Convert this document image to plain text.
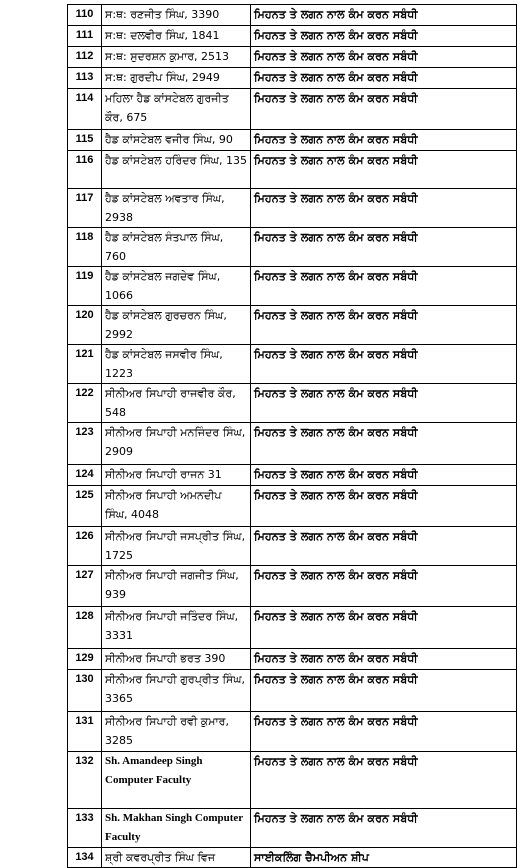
110	ਸ:ਥ: ਰਣਜੀਤ ਸਿੰਘ, 3390	ਮਿਹਨਤ ਤੇ ਲਗਨ ਨਾਲ ਕੰਮ ਕਰਨ ਸਬੰਧੀ
111	ਸ:ਥ: ਦਲਵੀਰ ਸਿੰਘ, 1841	ਮਿਹਨਤ ਤੇ ਲਗਨ ਨਾਲ ਕੰਮ ਕਰਨ ਸਬੰਧੀ
112	ਸ:ਥ: ਸੁਦਰਸ਼ਨ ਕੁਮਾਰ, 2513	ਮਿਹਨਤ ਤੇ ਲਗਨ ਨਾਲ ਕੰਮ ਕਰਨ ਸਬੰਧੀ
113	ਸ:ਥ: ਗੁਰਦੀਪ ਸਿੰਘ, 2949	ਮਿਹਨਤ ਤੇ ਲਗਨ ਨਾਲ ਕੰਮ ਕਰਨ ਸਬੰਧੀ
114	ਮਹਿਲਾ ਹੈਡ ਕਾਂਸਟੇਬਲ ਗੁਰਜੀਤ ਕੌਰ, 675	ਮਿਹਨਤ ਤੇ ਲਗਨ ਨਾਲ ਕੰਮ ਕਰਨ ਸਬੰਧੀ
115	ਹੈਡ ਕਾਂਸਟੇਬਲ ਵਜੀਰ ਸਿੰਘ, 90	ਮਿਹਨਤ ਤੇ ਲਗਨ ਨਾਲ ਕੰਮ ਕਰਨ ਸਬੰਧੀ
116	ਹੈਡ ਕਾਂਸਟੇਬਲ ਹਰਿੰਦਰ ਸਿੰਘ, 135	ਮਿਹਨਤ ਤੇ ਲਗਨ ਨਾਲ ਕੰਮ ਕਰਨ ਸਬੰਧੀ
117	ਹੈਡ ਕਾਂਸਟੇਬਲ ਅਵਤਾਰ ਸਿੰਘ, 2938	ਮਿਹਨਤ ਤੇ ਲਗਨ ਨਾਲ ਕੰਮ ਕਰਨ ਸਬੰਧੀ
118	ਹੈਡ ਕਾਂਸਟੇਬਲ ਸੰਤਪਾਲ ਸਿੰਘ, 760	ਮਿਹਨਤ ਤੇ ਲਗਨ ਨਾਲ ਕੰਮ ਕਰਨ ਸਬੰਧੀ
119	ਹੈਡ ਕਾਂਸਟੇਬਲ ਜਗਦੇਵ ਸਿੰਘ, 1066	ਮਿਹਨਤ ਤੇ ਲਗਨ ਨਾਲ ਕੰਮ ਕਰਨ ਸਬੰਧੀ
120	ਹੈਡ ਕਾਂਸਟੇਬਲ ਗੁਰਚਰਨ ਸਿੰਘ, 2992	ਮਿਹਨਤ ਤੇ ਲਗਨ ਨਾਲ ਕੰਮ ਕਰਨ ਸਬੰਧੀ
121	ਹੈਡ ਕਾਂਸਟੇਬਲ ਜਸਵੀਰ ਸਿੰਘ, 1223	ਮਿਹਨਤ ਤੇ ਲਗਨ ਨਾਲ ਕੰਮ ਕਰਨ ਸਬੰਧੀ
122	ਸੀਨੀਅਰ ਸਿਪਾਹੀ ਰਾਜਵੀਰ ਕੌਰ, 548	ਮਿਹਨਤ ਤੇ ਲਗਨ ਨਾਲ ਕੰਮ ਕਰਨ ਸਬੰਧੀ
123	ਸੀਨੀਅਰ ਸਿਪਾਹੀ ਮਨਜਿੰਦਰ ਸਿੰਘ, 2909	ਮਿਹਨਤ ਤੇ ਲਗਨ ਨਾਲ ਕੰਮ ਕਰਨ ਸਬੰਧੀ
124	ਸੀਨੀਅਰ ਸਿਪਾਹੀ ਰਾਜਨ 31	ਮਿਹਨਤ ਤੇ ਲਗਨ ਨਾਲ ਕੰਮ ਕਰਨ ਸਬੰਧੀ
125	ਸੀਨੀਅਰ ਸਿਪਾਹੀ ਅਮਨਦੀਪ ਸਿੰਘ, 4048	ਮਿਹਨਤ ਤੇ ਲਗਨ ਨਾਲ ਕੰਮ ਕਰਨ ਸਬੰਧੀ
126	ਸੀਨੀਅਰ ਸਿਪਾਹੀ ਜਸਪ੍ਰੀਤ ਸਿੰਘ, 1725	ਮਿਹਨਤ ਤੇ ਲਗਨ ਨਾਲ ਕੰਮ ਕਰਨ ਸਬੰਧੀ
127	ਸੀਨੀਅਰ ਸਿਪਾਹੀ ਜਗਜੀਤ ਸਿੰਘ, 939	ਮਿਹਨਤ ਤੇ ਲਗਨ ਨਾਲ ਕੰਮ ਕਰਨ ਸਬੰਧੀ
128	ਸੀਨੀਅਰ ਸਿਪਾਹੀ ਜਤਿੰਦਰ ਸਿੰਘ, 3331	ਮਿਹਨਤ ਤੇ ਲਗਨ ਨਾਲ ਕੰਮ ਕਰਨ ਸਬੰਧੀ
129	ਸੀਨੀਅਰ ਸਿਪਾਹੀ ਭਰਤ 390	ਮਿਹਨਤ ਤੇ ਲਗਨ ਨਾਲ ਕੰਮ ਕਰਨ ਸਬੰਧੀ
130	ਸੀਨੀਅਰ ਸਿਪਾਹੀ ਗੁਰਪ੍ਰੀਤ ਸਿੰਘ, 3365	ਮਿਹਨਤ ਤੇ ਲਗਨ ਨਾਲ ਕੰਮ ਕਰਨ ਸਬੰਧੀ
131	ਸੀਨੀਅਰ ਸਿਪਾਹੀ ਰਵੀ ਕੁਮਾਰ, 3285	ਮਿਹਨਤ ਤੇ ਲਗਨ ਨਾਲ ਕੰਮ ਕਰਨ ਸਬੰਧੀ
132	Sh. Amandeep Singh Computer Faculty	ਮਿਹਨਤ ਤੇ ਲਗਨ ਨਾਲ ਕੰਮ ਕਰਨ ਸਬੰਧੀ
133	Sh. Makhan Singh Computer Faculty	ਮਿਹਨਤ ਤੇ ਲਗਨ ਨਾਲ ਕੰਮ ਕਰਨ ਸਬੰਧੀ
134	ਸ਼੍ਰੀ ਕਵਰਪ੍ਰੀਤ ਸਿੰਘ ਵਿਜ	ਸਾਈਕਲਿੰਗ ਚੈਮਪੀਅਨ ਸ਼ੀਪ
